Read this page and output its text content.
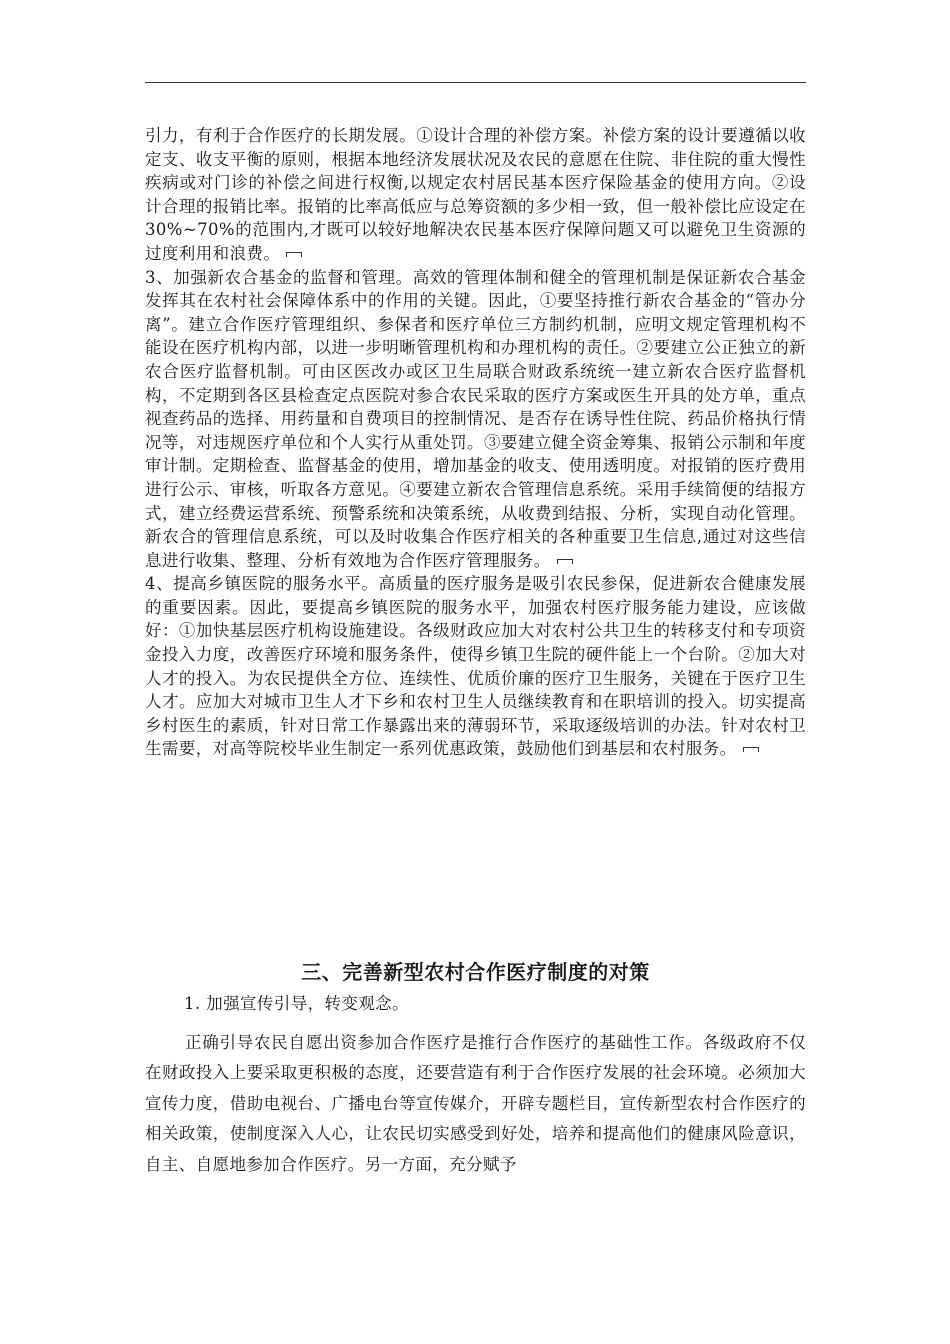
引力，有利于合作医疗的长期发展。①设计合理的补偿方案。补偿方案的设计要遵循以收定支、收支平衡的原则，根据本地经济发展状况及农民的意愿在住院、非住院的重大慢性疾病或对门诊的补偿之间进行权衡,以规定农村居民基本医疗保险基金的使用方向。②设计合理的报销比率。报销的比率高低应与总筹资额的多少相一致，但一般补偿比应设定在 30%~70%的范围内,才既可以较好地解决农民基本医疗保障问题又可以避免卫生资源的过度利用和浪费。
3、加强新农合基金的监督和管理。高效的管理体制和健全的管理机制是保证新农合基金发挥其在农村社会保障体系中的作用的关键。因此，①要坚持推行新农合基金的“管办分离”。建立合作医疗管理组织、参保者和医疗单位三方制约机制，应明文规定管理机构不能设在医疗机构内部，以进一步明晰管理机构和办理机构的责任。②要建立公正独立的新农合医疗监督机制。可由区医改办或区卫生局联合财政系统统一建立新农合医疗监督机构，不定期到各区县检查定点医院对参合农民采取的医疗方案或医生开具的处方单，重点视查药品的选择、用药量和自费项目的控制情况、是否存在诱导性住院、药品价格执行情况等，对违规医疗单位和个人实行从重处罚。③要建立健全资金筹集、报销公示制和年度审计制。定期检查、监督基金的使用，增加基金的收支、使用透明度。对报销的医疗费用进行公示、审核，听取各方意见。④要建立新农合管理信息系统。采用手续简便的结报方式，建立经费运营系统、预警系统和决策系统，从收费到结报、分析，实现自动化管理。新农合的管理信息系统，可以及时收集合作医疗相关的各种重要卫生信息,通过对这些信息进行收集、整理、分析有效地为合作医疗管理服务。
4、提高乡镇医院的服务水平。高质量的医疗服务是吸引农民参保，促进新农合健康发展的重要因素。因此，要提高乡镇医院的服务水平，加强农村医疗服务能力建设，应该做好：①加快基层医疗机构设施建设。各级财政应加大对农村公共卫生的转移支付和专项资金投入力度，改善医疗环境和服务条件，使得乡镇卫生院的硬件能上一个台阶。②加大对人才的投入。为农民提供全方位、连续性、优质价廉的医疗卫生服务，关键在于医疗卫生人才。应加大对城市卫生人才下乡和农村卫生人员继续教育和在职培训的投入。切实提高乡村医生的素质，针对日常工作暴露出来的薄弱环节，采取逐级培训的办法。针对农村卫生需要，对高等院校毕业生制定一系列优惠政策，鼓励他们到基层和农村服务。
三、完善新型农村合作医疗制度的对策
1. 加强宣传引导，转变观念。
正确引导农民自愿出资参加合作医疗是推行合作医疗的基础性工作。各级政府不仅在财政投入上要采取更积极的态度，还要营造有利于合作医疗发展的社会环境。必须加大宣传力度，借助电视台、广播电台等宣传媒介，开辟专题栏目，宣传新型农村合作医疗的相关政策，使制度深入人心，让农民切实感受到好处，培养和提高他们的健康风险意识，自主、自愿地参加合作医疗。另一方面，充分赋予
